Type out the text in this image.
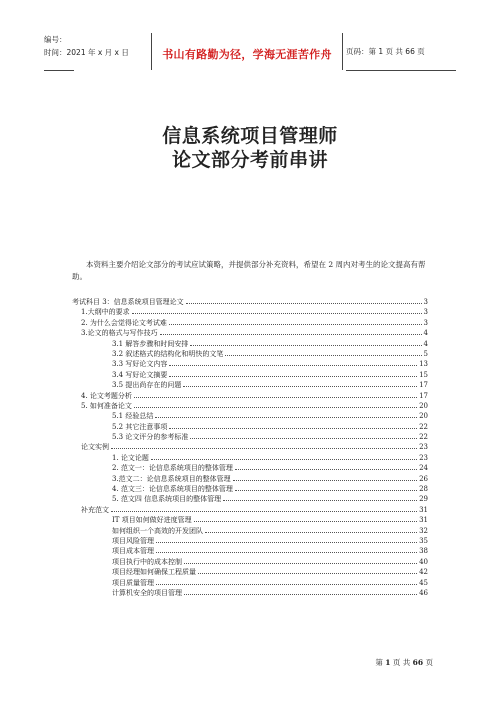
编号：
时间：2021 年 x 月 x 日	书山有路勤为径，学海无涯苦作舟	页码：第 1 页 共 66 页
信息系统项目管理师
论文部分考前串讲
本资料主要介绍论文部分的考试应试策略，并提供部分补充资料，希望在 2 周内对考生的论文提高有帮助。
考试科目 3：信息系统项目管理论文	3
1.大纲中的要求	3
2. 为什么会觉得论文考试难	3
3.论文的格式与写作技巧	4
3.1 解答步骤和时间安排	4
3.2 叙述格式的结构化和明快的文笔	5
3.3 写好论文内容	13
3.4 写好论文摘要	15
3.5 提出尚存在的问题	17
4. 论文考题分析	17
5. 如何准备论文	20
5.1 经验总结	20
5.2 其它注意事项	22
5.3 论文评分的参考标准	22
论文实例	23
1. 论文论题	23
2. 范文一：论信息系统项目的整体管理	24
3.范文二：论信息系统项目的整体管理	26
4. 范文三：论信息系统项目的整体管理	28
5. 范文四 信息系统项目的整体管理	29
补充范文	31
IT 项目如何做好进度管理	31
如何组织一个高效的开发团队	32
项目风险管理	35
项目成本管理	38
项目执行中的成本控制	40
项目经理如何确保工程质量	42
项目质量管理	45
计算机安全的项目管理	46
第 1 页 共 66 页
